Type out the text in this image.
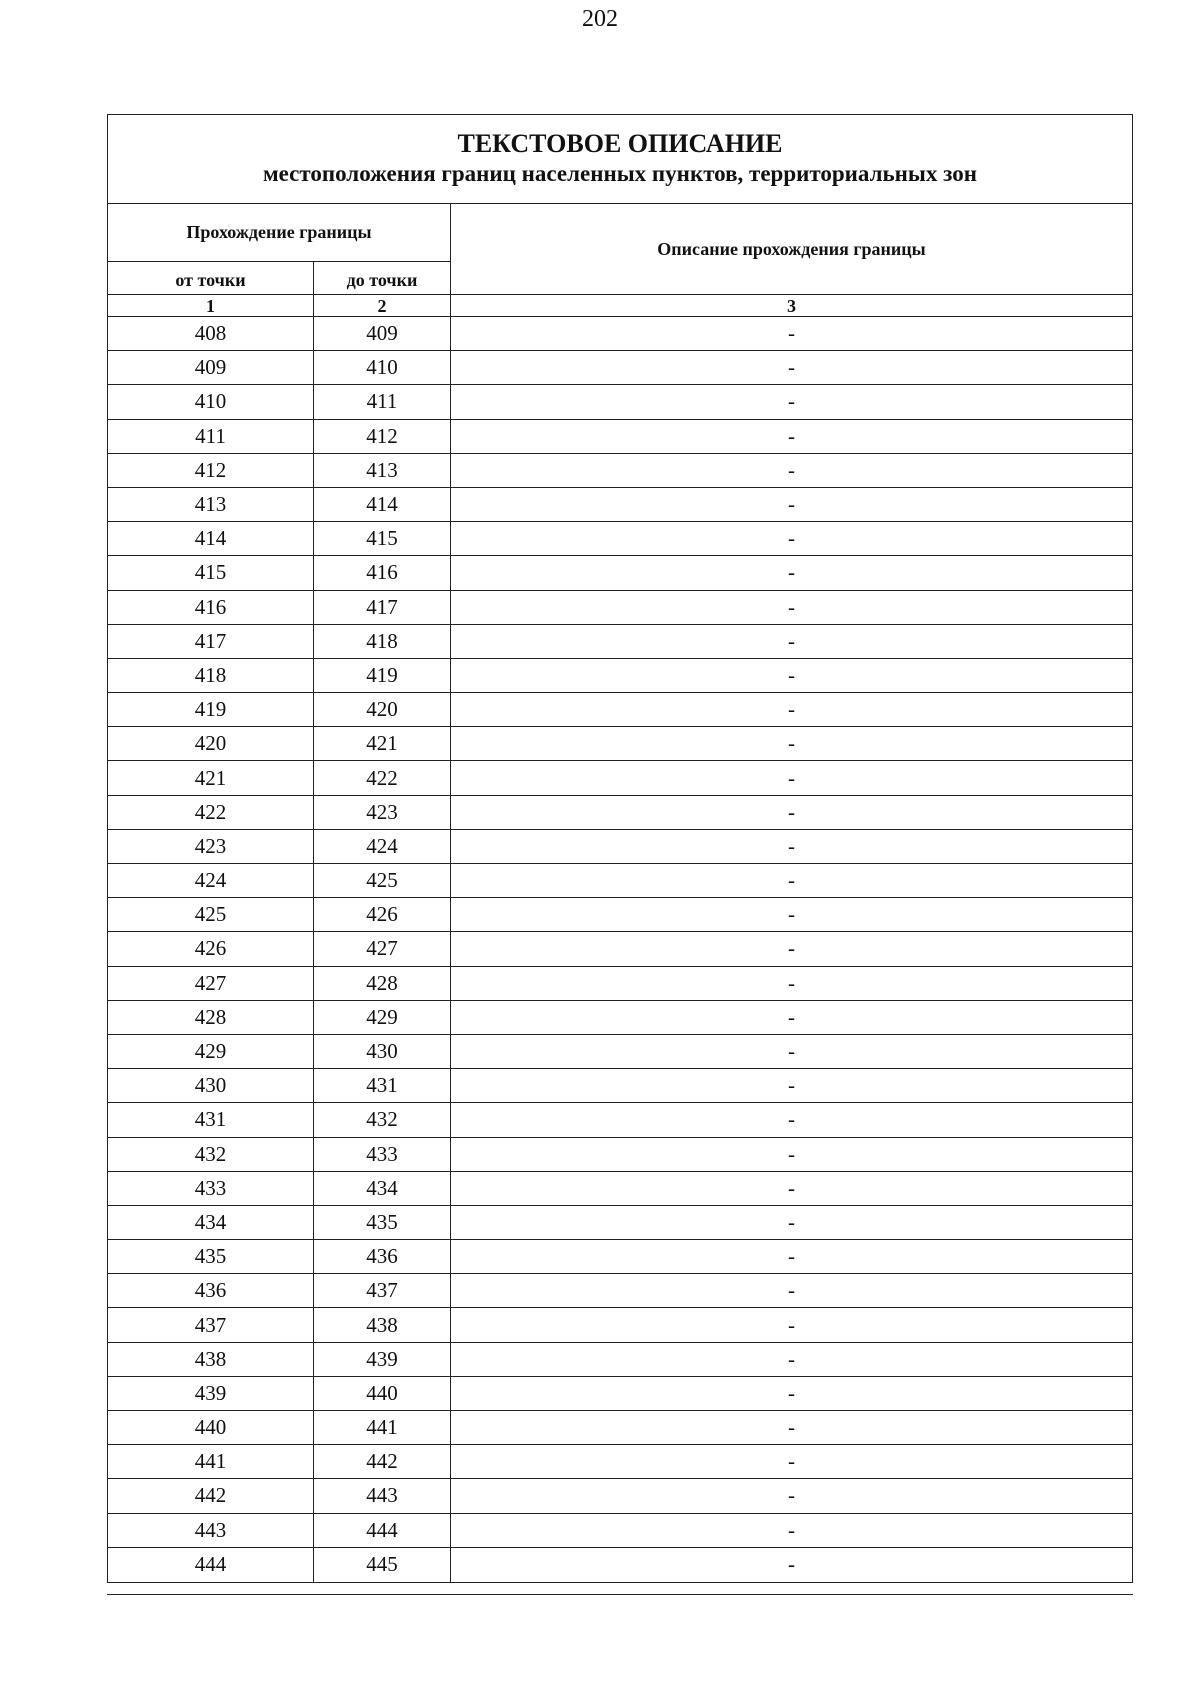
202
ТЕКСТОВОЕ ОПИСАНИЕ
местоположения границ населенных пунктов, территориальных зон
Прохождение границы
Описание прохождения границы
от точки	до точки
1	2	3
408	409	-
409	410	-
410	411	-
411	412	-
412	413	-
413	414	-
414	415	-
415	416	-
416	417	-
417	418	-
418	419	-
419	420	-
420	421	-
421	422	-
422	423	-
423	424	-
424	425	-
425	426	-
426	427	-
427	428	-
428	429	-
429	430	-
430	431	-
431	432	-
432	433	-
433	434	-
434	435	-
435	436	-
436	437	-
437	438	-
438	439	-
439	440	-
440	441	-
441	442	-
442	443	-
443	444	-
444	445	-
